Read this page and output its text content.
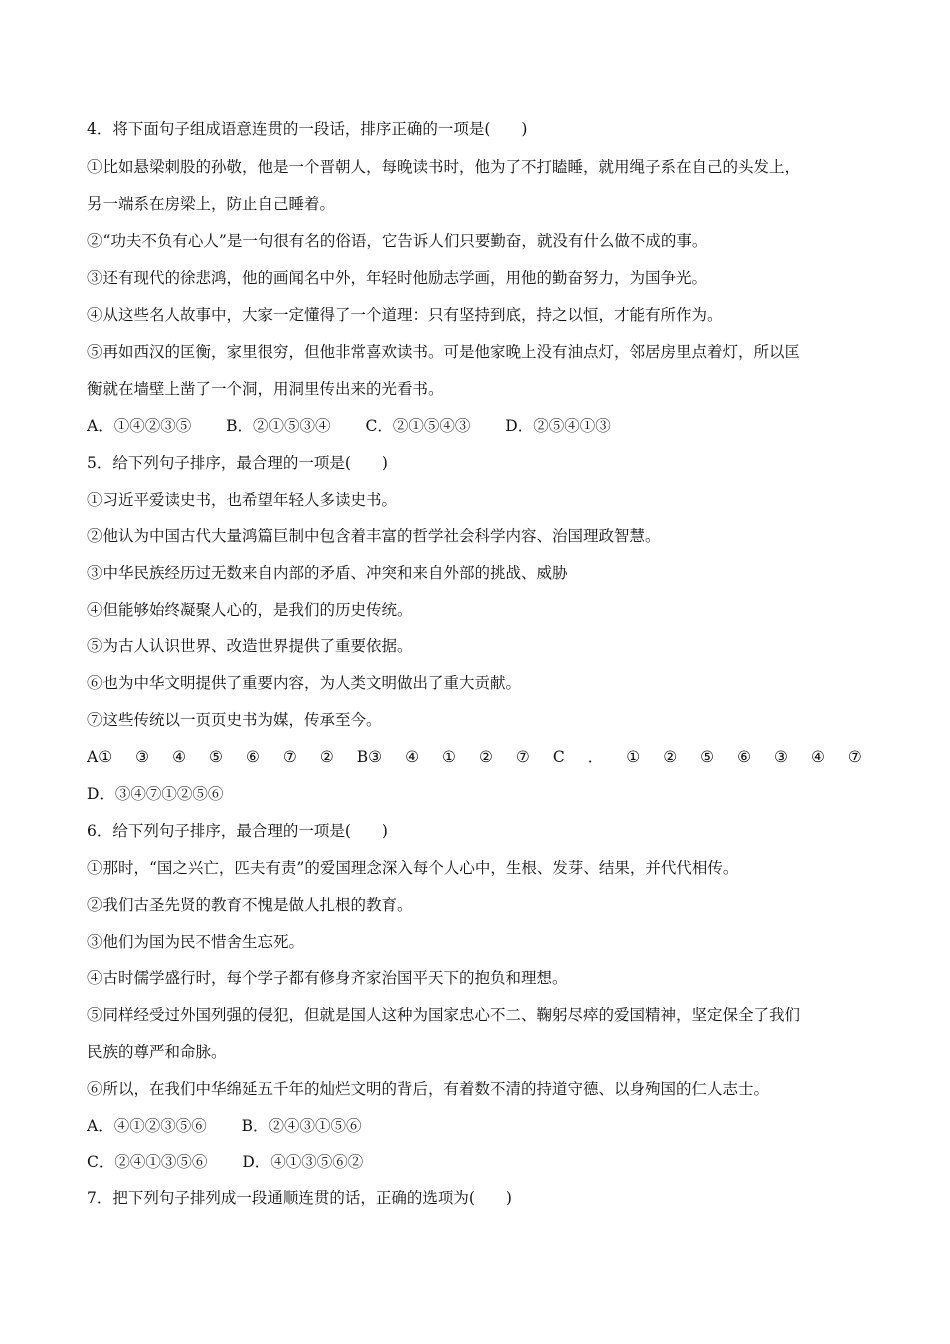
4．将下面句子组成语意连贯的一段话，排序正确的一项是(　　)
①比如悬梁刺股的孙敬，他是一个晋朝人，每晚读书时，他为了不打瞌睡，就用绳子系在自己的头发上，
另一端系在房梁上，防止自己睡着。
②“功夫不负有心人”是一句很有名的俗语，它告诉人们只要勤奋，就没有什么做不成的事。
③还有现代的徐悲鸿，他的画闻名中外，年轻时他励志学画，用他的勤奋努力，为国争光。
④从这些名人故事中，大家一定懂得了一个道理：只有坚持到底，持之以恒，才能有所作为。
⑤再如西汉的匡衡，家里很穷，但他非常喜欢读书。可是他家晚上没有油点灯，邻居房里点着灯，所以匡
衡就在墙壁上凿了一个洞，用洞里传出来的光看书。
A．①④②③⑤ B．②①⑤③④ C．②①⑤④③ D．②⑤④①③
5．给下列句子排序，最合理的一项是(　　)
①习近平爱读史书，也希望年轻人多读史书。
②他认为中国古代大量鸿篇巨制中包含着丰富的哲学社会科学内容、治国理政智慧。
③中华民族经历过无数来自内部的矛盾、冲突和来自外部的挑战、威胁
④但能够始终凝聚人心的，是我们的历史传统。
⑤为古人认识世界、改造世界提供了重要依据。
⑥也为中华文明提供了重要内容，为人类文明做出了重大贡献。
⑦这些传统以一页页史书为媒，传承至今。
A① ③ ④ ⑤ ⑥ ⑦ ② B③ ④ ① ② ⑦ C ． ① ② ⑤ ⑥ ③ ④ ⑦
D．③④⑦①②⑤⑥
6．给下列句子排序，最合理的一项是(　　)
①那时，“国之兴亡，匹夫有责”的爱国理念深入每个人心中，生根、发芽、结果，并代代相传。
②我们古圣先贤的教育不愧是做人扎根的教育。
③他们为国为民不惜舍生忘死。
④古时儒学盛行时，每个学子都有修身齐家治国平天下的抱负和理想。
⑤同样经受过外国列强的侵犯，但就是国人这种为国家忠心不二、鞠躬尽瘁的爱国精神，坚定保全了我们
民族的尊严和命脉。
⑥所以，在我们中华绵延五千年的灿烂文明的背后，有着数不清的持道守德、以身殉国的仁人志士。
A．④①②③⑤⑥ B．②④③①⑤⑥
C．②④①③⑤⑥ D．④①③⑤⑥②
7．把下列句子排列成一段通顺连贯的话，正确的选项为(　　)
